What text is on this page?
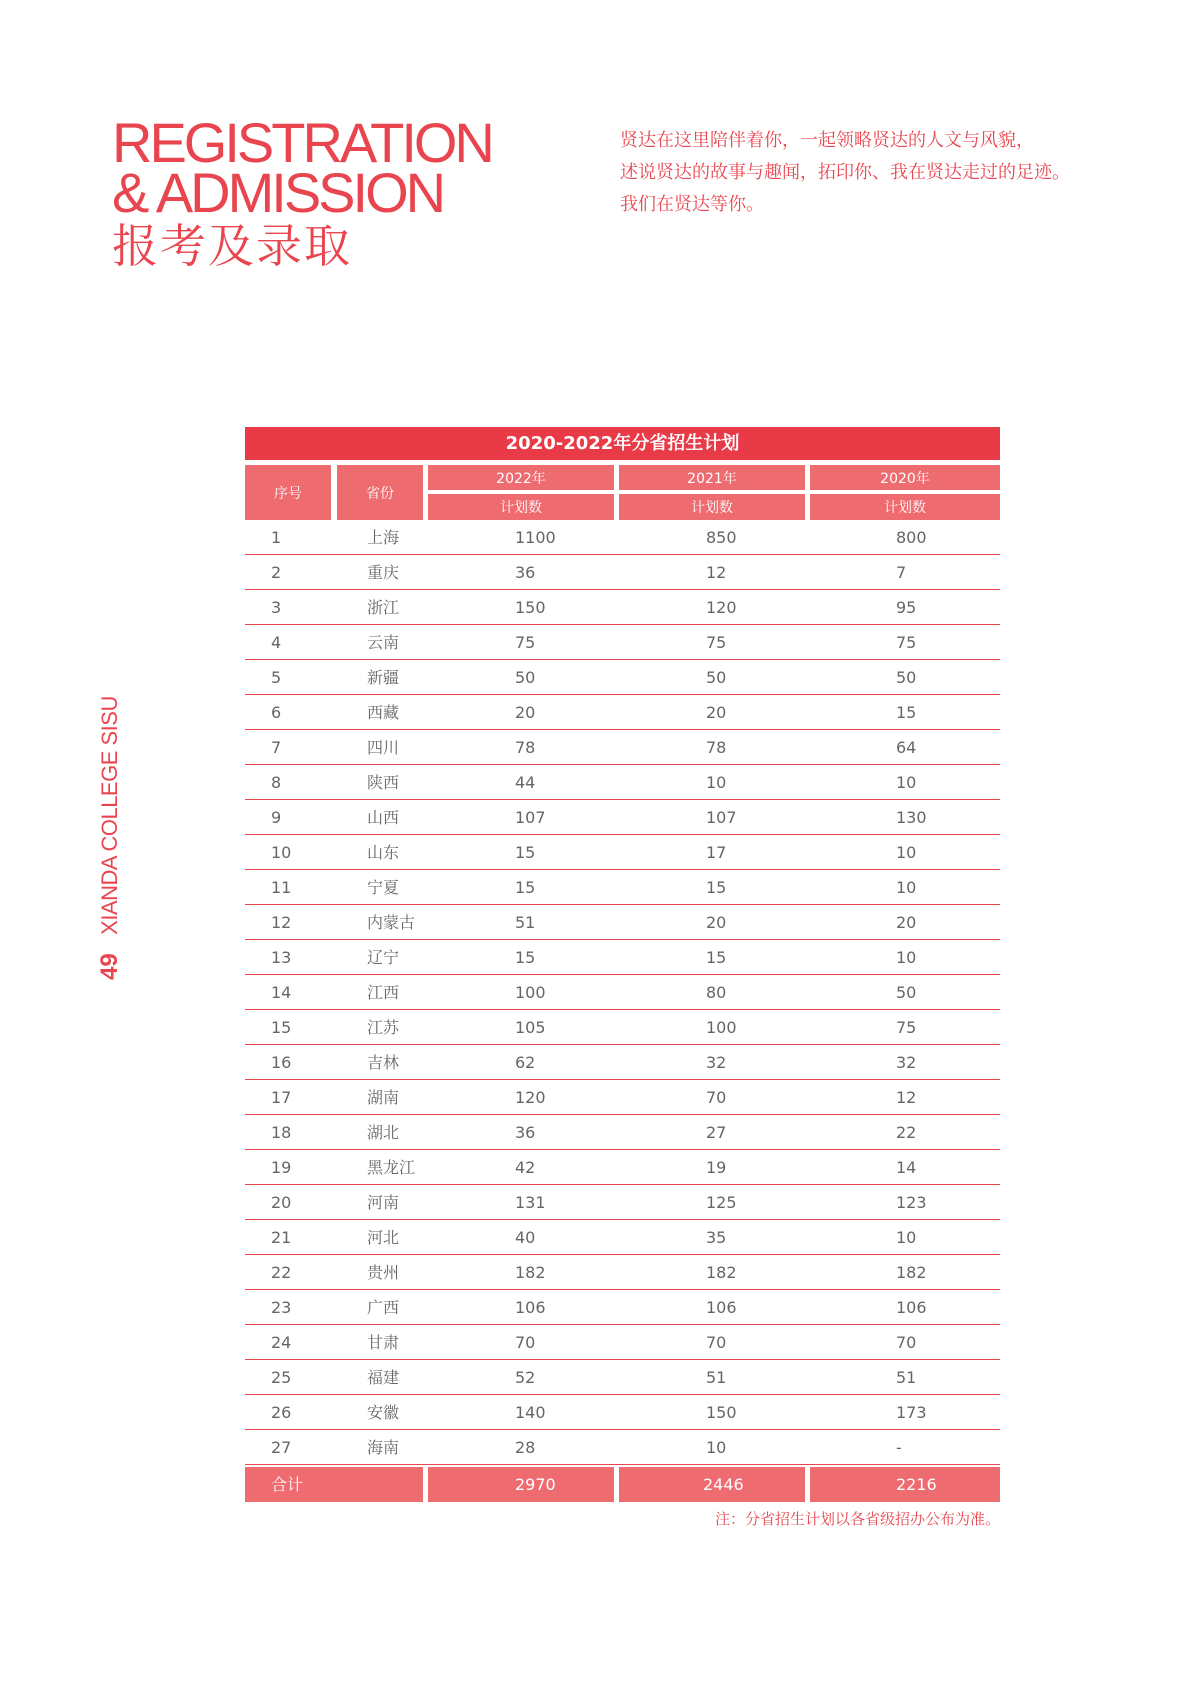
REGISTRATION
& ADMISSION
报考及录取
贤达在这里陪伴着你，一起领略贤达的人文与风貌，
述说贤达的故事与趣闻，拓印你、我在贤达走过的足迹。
我们在贤达等你。
49 XIANDA COLLEGE SISU
2020-2022年分省招生计划
序号	省份
2022年
计划数
2021年
计划数
2020年
计划数
1	上海	1100	850	800
2	重庆	36	12	7
3	浙江	150	120	95
4	云南	75	75	75
5	新疆	50	50	50
6	西藏	20	20	15
7	四川	78	78	64
8	陕西	44	10	10
9	山西	107	107	130
10	山东	15	17	10
11	宁夏	15	15	10
12	内蒙古	51	20	20
13	辽宁	15	15	10
14	江西	100	80	50
15	江苏	105	100	75
16	吉林	62	32	32
17	湖南	120	70	12
18	湖北	36	27	22
19	黑龙江	42	19	14
20	河南	131	125	123
21	河北	40	35	10
22	贵州	182	182	182
23	广西	106	106	106
24	甘肃	70	70	70
25	福建	52	51	51
26	安徽	140	150	173
27	海南	28	10	-
合计	2970	2446	2216
注：分省招生计划以各省级招办公布为准。
